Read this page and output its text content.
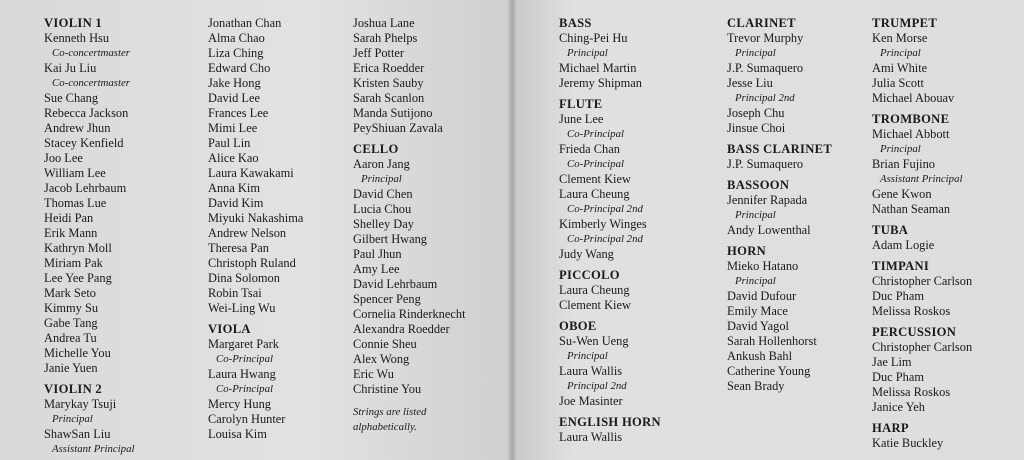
VIOLIN 1
Kenneth Hsu
Co-concertmaster
Kai Ju Liu
Co-concertmaster
Sue Chang
Rebecca Jackson
Andrew Jhun
Stacey Kenfield
Joo Lee
William Lee
Jacob Lehrbaum
Thomas Lue
Heidi Pan
Erik Mann
Kathryn Moll
Miriam Pak
Lee Yee Pang
Mark Seto
Kimmy Su
Gabe Tang
Andrea Tu
Michelle You
Janie Yuen
VIOLIN 2
Marykay Tsuji
Principal
ShawSan Liu
Assistant Principal
Jonathan Chan
Alma Chao
Liza Ching
Edward Cho
Jake Hong
David Lee
Frances Lee
Mimi Lee
Paul Lin
Alice Kao
Laura Kawakami
Anna Kim
David Kim
Miyuki Nakashima
Andrew Nelson
Theresa Pan
Christoph Ruland
Dina Solomon
Robin Tsai
Wei-Ling Wu
VIOLA
Margaret Park
Co-Principal
Laura Hwang
Co-Principal
Mercy Hung
Carolyn Hunter
Louisa Kim
Joshua Lane
Sarah Phelps
Jeff Potter
Erica Roedder
Kristen Sauby
Sarah Scanlon
Manda Sutijono
PeyShiuan Zavala
CELLO
Aaron Jang
Principal
David Chen
Lucia Chou
Shelley Day
Gilbert Hwang
Paul Jhun
Amy Lee
David Lehrbaum
Spencer Peng
Cornelia Rinderknecht
Alexandra Roedder
Connie Sheu
Alex Wong
Eric Wu
Christine You
Strings are listed
alphabetically.
BASS
Ching-Pei Hu
Principal
Michael Martin
Jeremy Shipman
FLUTE
June Lee
Co-Principal
Frieda Chan
Co-Principal
Clement Kiew
Laura Cheung
Co-Principal 2nd
Kimberly Winges
Co-Principal 2nd
Judy Wang
PICCOLO
Laura Cheung
Clement Kiew
OBOE
Su-Wen Ueng
Principal
Laura Wallis
Principal 2nd
Joe Masinter
ENGLISH HORN
Laura Wallis
CLARINET
Trevor Murphy
Principal
J.P. Sumaquero
Jesse Liu
Principal 2nd
Joseph Chu
Jinsue Choi
BASS CLARINET
J.P. Sumaquero
BASSOON
Jennifer Rapada
Principal
Andy Lowenthal
HORN
Mieko Hatano
Principal
David Dufour
Emily Mace
David Yagol
Sarah Hollenhorst
Ankush Bahl
Catherine Young
Sean Brady
TRUMPET
Ken Morse
Principal
Ami White
Julia Scott
Michael Abouav
TROMBONE
Michael Abbott
Principal
Brian Fujino
Assistant Principal
Gene Kwon
Nathan Seaman
TUBA
Adam Logie
TIMPANI
Christopher Carlson
Duc Pham
Melissa Roskos
PERCUSSION
Christopher Carlson
Jae Lim
Duc Pham
Melissa Roskos
Janice Yeh
HARP
Katie Buckley
